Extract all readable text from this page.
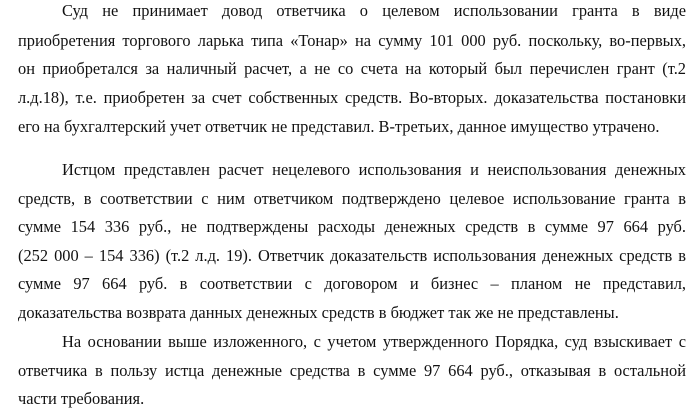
Суд не принимает довод ответчика о целевом использовании гранта в виде
приобретения торгового ларька типа «Тонар» на сумму 101 000 руб. поскольку, во-первых,
он приобретался за наличный расчет, а не со счета на который был перечислен грант (т.2
л.д.18), т.е. приобретен за счет собственных средств. Во-вторых. доказательства постановки
его на бухгалтерский учет ответчик не представил. В-третьих, данное имущество утрачено.
Истцом представлен расчет нецелевого использования и неиспользования денежных
средств, в соответствии с ним ответчиком подтверждено целевое использование гранта в
сумме 154 336 руб., не подтверждены расходы денежных средств в сумме 97 664 руб.
(252 000 – 154 336) (т.2 л.д. 19). Ответчик доказательств использования денежных средств в
сумме 97 664 руб. в соответствии с договором и бизнес – планом не представил,
доказательства возврата данных денежных средств в бюджет так же не представлены.
На основании выше изложенного, с учетом утвержденного Порядка, суд взыскивает с
ответчика в пользу истца денежные средства в сумме 97 664 руб., отказывая в остальной
части требования.
